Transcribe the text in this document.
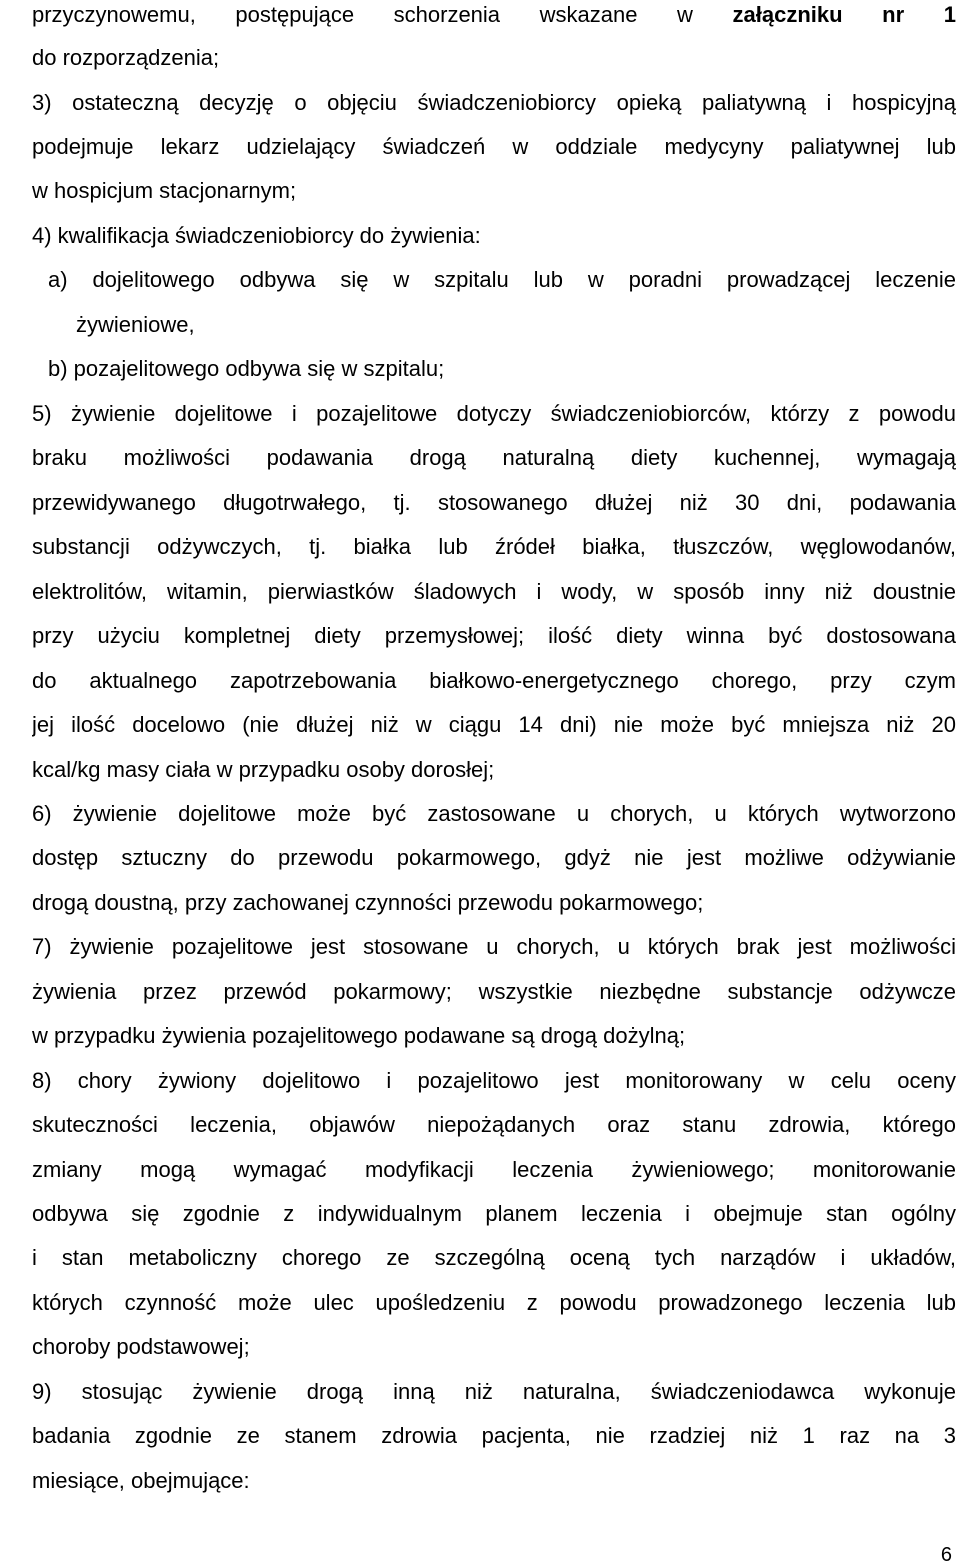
przyczynowemu, postępujące schorzenia wskazane w załączniku nr 1
do rozporządzenia;
3) ostateczną decyzję o objęciu świadczeniobiorcy opieką paliatywną i hospicyjną
podejmuje lekarz udzielający świadczeń w oddziale medycyny paliatywnej lub
w hospicjum stacjonarnym;
4) kwalifikacja świadczeniobiorcy do żywienia:
a) dojelitowego odbywa się w szpitalu lub w poradni prowadzącej leczenie
żywieniowe,
b) pozajelitowego odbywa się w szpitalu;
5) żywienie dojelitowe i pozajelitowe dotyczy świadczeniobiorców, którzy z powodu
braku możliwości podawania drogą naturalną diety kuchennej, wymagają
przewidywanego długotrwałego, tj. stosowanego dłużej niż 30 dni, podawania
substancji odżywczych, tj. białka lub źródeł białka, tłuszczów, węglowodanów,
elektrolitów, witamin, pierwiastków śladowych i wody, w sposób inny niż doustnie
przy użyciu kompletnej diety przemysłowej; ilość diety winna być dostosowana
do aktualnego zapotrzebowania białkowo-energetycznego chorego, przy czym
jej ilość docelowo (nie dłużej niż w ciągu 14 dni) nie może być mniejsza niż 20
kcal/kg masy ciała w przypadku osoby dorosłej;
6) żywienie dojelitowe może być zastosowane u chorych, u których wytworzono
dostęp sztuczny do przewodu pokarmowego, gdyż nie jest możliwe odżywianie
drogą doustną, przy zachowanej czynności przewodu pokarmowego;
7) żywienie pozajelitowe jest stosowane u chorych, u których brak jest możliwości
żywienia przez przewód pokarmowy; wszystkie niezbędne substancje odżywcze
w przypadku żywienia pozajelitowego podawane są drogą dożylną;
8) chory żywiony dojelitowo i pozajelitowo jest monitorowany w celu oceny
skuteczności leczenia, objawów niepożądanych oraz stanu zdrowia, którego
zmiany mogą wymagać modyfikacji leczenia żywieniowego; monitorowanie
odbywa się zgodnie z indywidualnym planem leczenia i obejmuje stan ogólny
i stan metaboliczny chorego ze szczególną oceną tych narządów i układów,
których czynność może ulec upośledzeniu z powodu prowadzonego leczenia lub
choroby podstawowej;
9) stosując żywienie drogą inną niż naturalna, świadczeniodawca wykonuje
badania zgodnie ze stanem zdrowia pacjenta, nie rzadziej niż 1 raz na 3
miesiące, obejmujące:
6
